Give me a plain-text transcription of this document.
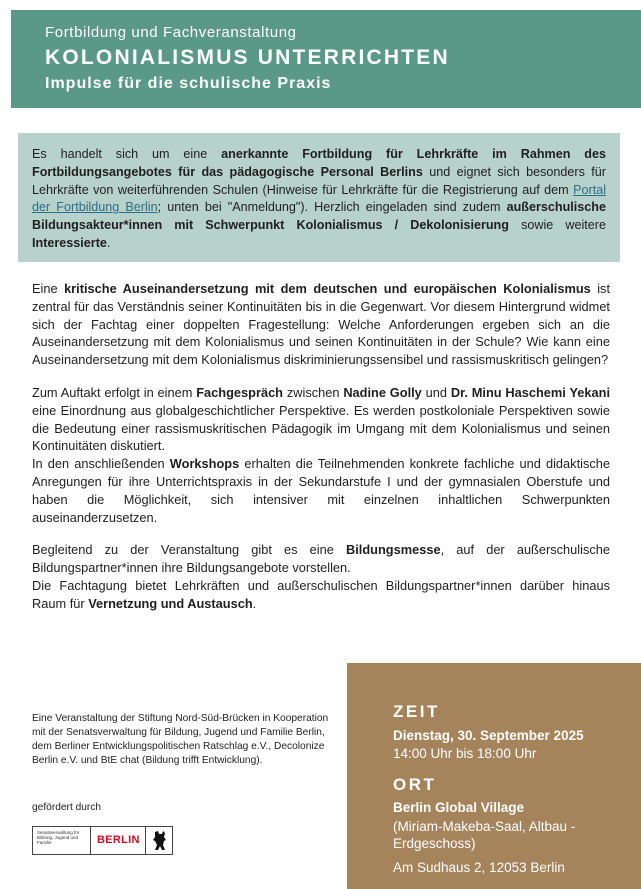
Fortbildung und Fachveranstaltung
KOLONIALISMUS UNTERRICHTEN
Impulse für die schulische Praxis
Es handelt sich um eine anerkannte Fortbildung für Lehrkräfte im Rahmen des Fortbildungsangebotes für das pädagogische Personal Berlins und eignet sich besonders für Lehrkräfte von weiterführenden Schulen (Hinweise für Lehrkräfte für die Registrierung auf dem Portal der Fortbildung Berlin; unten bei "Anmeldung"). Herzlich eingeladen sind zudem außerschulische Bildungsakteur*innen mit Schwerpunkt Kolonialismus / Dekolonisierung sowie weitere Interessierte.

Eine kritische Auseinandersetzung mit dem deutschen und europäischen Kolonialismus ist zentral für das Verständnis seiner Kontinuitäten bis in die Gegenwart. Vor diesem Hintergrund widmet sich der Fachtag einer doppelten Fragestellung: Welche Anforderungen ergeben sich an die Auseinandersetzung mit dem Kolonialismus und seinen Kontinuitäten in der Schule? Wie kann eine Auseinandersetzung mit dem Kolonialismus diskriminierungssensibel und rassismuskritisch gelingen?

Zum Auftakt erfolgt in einem Fachgespräch zwischen Nadine Golly und Dr. Minu Haschemi Yekani eine Einordnung aus globalgeschichtlicher Perspektive. Es werden postkoloniale Perspektiven sowie die Bedeutung einer rassismuskritischen Pädagogik im Umgang mit dem Kolonialismus und seinen Kontinuitäten diskutiert.

In den anschließenden Workshops erhalten die Teilnehmenden konkrete fachliche und didaktische Anregungen für ihre Unterrichtspraxis in der Sekundarstufe I und der gymnasialen Oberstufe und haben die Möglichkeit, sich intensiver mit einzelnen inhaltlichen Schwerpunkten auseinanderzusetzen.

Begleitend zu der Veranstaltung gibt es eine Bildungsmesse, auf der außerschulische Bildungspartner*innen ihre Bildungsangebote vorstellen.

Die Fachtagung bietet Lehrkräften und außerschulischen Bildungspartner*innen darüber hinaus Raum für Vernetzung und Austausch.

Eine Veranstaltung der Stiftung Nord-Süd-Brücken in Kooperation mit der Senatsverwaltung für Bildung, Jugend und Familie Berlin, dem Berliner Entwicklungspolitischen Ratschlag e.V., Decolonize Berlin e.V. und BtE chat (Bildung trifft Entwicklung).
gefördert durch
Senatsverwaltung für Bildung, Jugend und Familie	BERLIN
ZEIT
Dienstag, 30. September 2025
14:00 Uhr bis 18:00 Uhr
ORT
Berlin Global Village
(Miriam-Makeba-Saal, Altbau - Erdgeschoss)
Am Sudhaus 2, 12053 Berlin
